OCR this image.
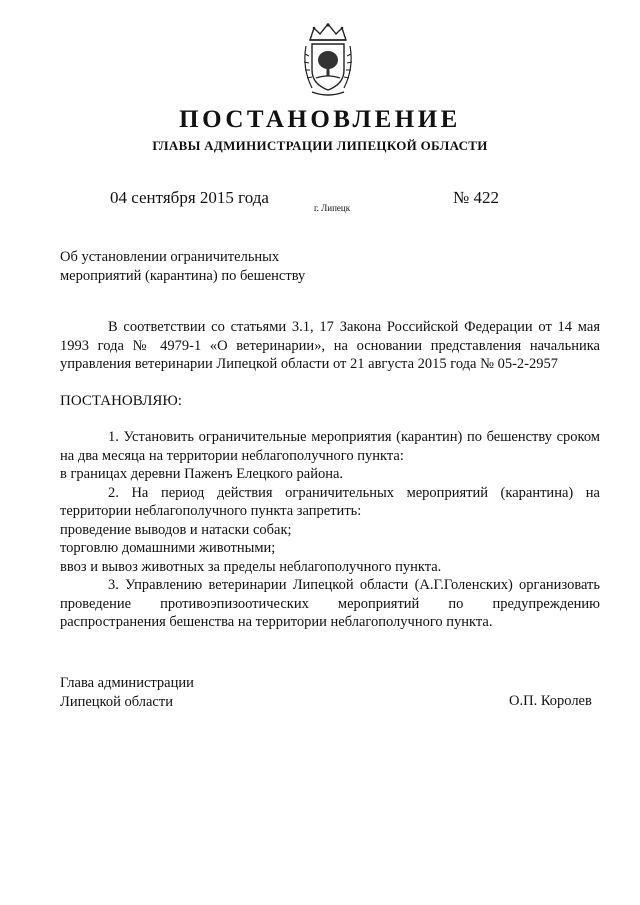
ПОСТАНОВЛЕНИЕ
ГЛАВЫ АДМИНИСТРАЦИИ ЛИПЕЦКОЙ ОБЛАСТИ
04 сентября 2015 года
г. Липецк
№ 422
Об установлении ограничительных
мероприятий (карантина) по бешенству

В соответствии со статьями 3.1, 17 Закона Российской Федерации от 14 мая 1993 года № 4979-1 «О ветеринарии», на основании представления начальника управления ветеринарии Липецкой области от 21 августа 2015 года № 05-2-2957

ПОСТАНОВЛЯЮ:

1. Установить ограничительные мероприятия (карантин) по бешенству сроком на два месяца на территории неблагополучного пункта:

в границах деревни Паженъ Елецкого района.

2. На период действия ограничительных мероприятий (карантина) на территории неблагополучного пункта запретить:

проведение выводов и натаски собак;

торговлю домашними животными;

ввоз и вывоз животных за пределы неблагополучного пункта.

3. Управлению ветеринарии Липецкой области (А.Г.Голенских) организовать проведение противоэпизоотических мероприятий по предупреждению распространения бешенства на территории неблагополучного пункта.

Глава администрации
Липецкой области	О.П. Королев
